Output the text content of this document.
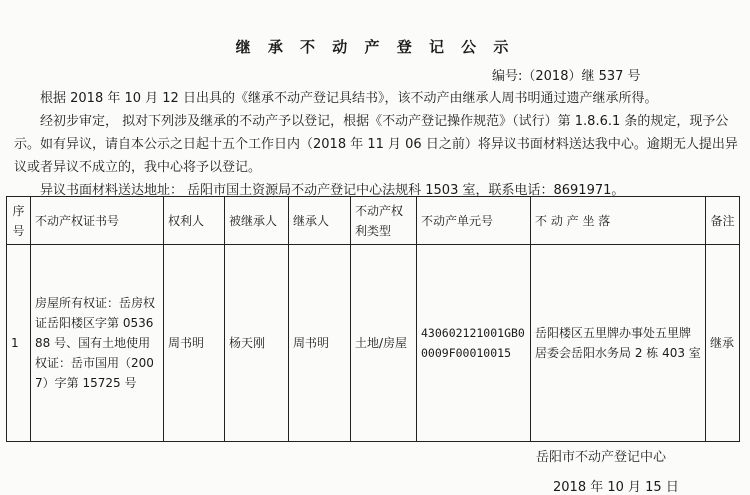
继 承 不 动 产 登 记 公 示
编号:（2018）继 537 号
根据 2018 年 10 月 12 日出具的《继承不动产登记具结书》，该不动产由继承人周书明通过遗产继承所得。
经初步审定， 拟对下列涉及继承的不动产予以登记，根据《不动产登记操作规范》（试行）第 1.8.6.1 条的规定，现予公示。如有异议，请自本公示之日起十五个工作日内（2018 年 11 月 06 日之前）将异议书面材料送达我中心。逾期无人提出异议或者异议不成立的，我中心将予以登记。
异议书面材料送达地址： 岳阳市国土资源局不动产登记中心法规科 1503 室，联系电话：8691971。
序号	不动产权证书号	权利人	被继承人	继承人	不动产权利类型	不动产单元号	不 动 产 坐 落	备注
1	房屋所有权证：岳房权证岳阳楼区字第 053688 号、国有土地使用权证：岳市国用（2007）字第 15725 号	周书明	杨天刚	周书明	土地/房屋	430602121001GB00009F00010015	岳阳楼区五里牌办事处五里牌居委会岳阳水务局 2 栋 403 室	继承
岳阳市不动产登记中心
2018 年 10 月 15 日
